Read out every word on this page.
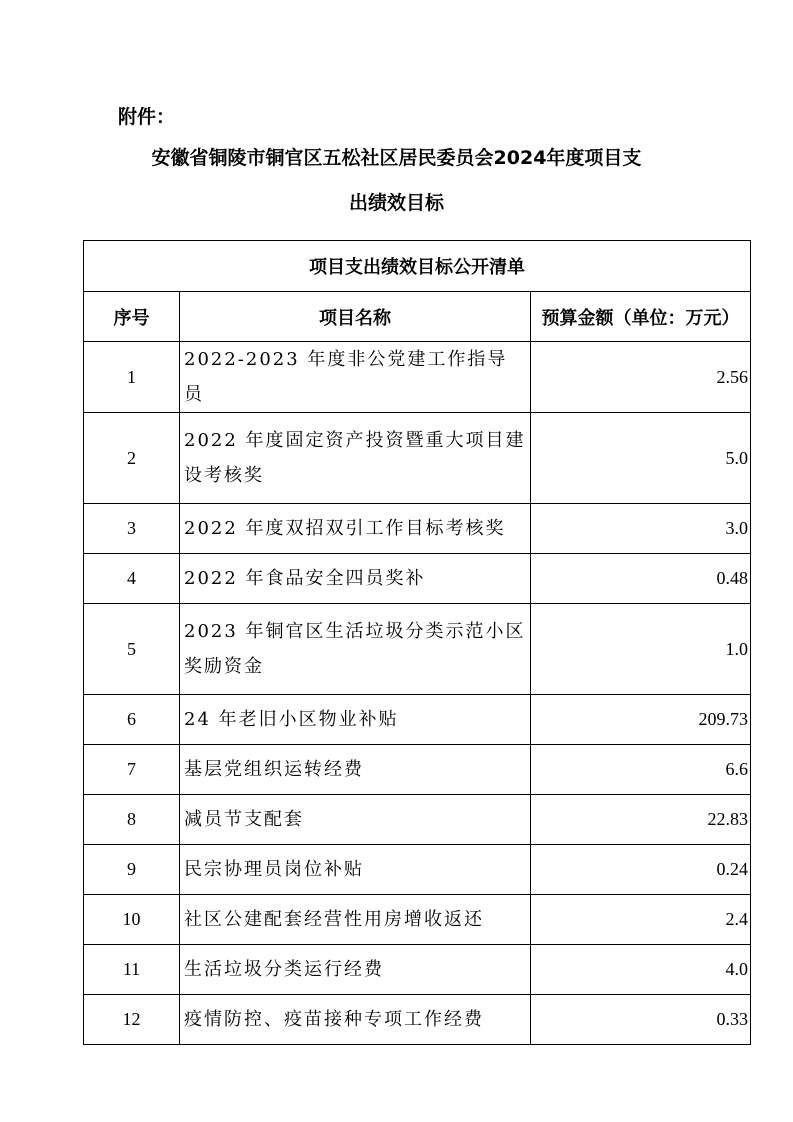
附件：
安徽省铜陵市铜官区五松社区居民委员会2024年度项目支
出绩效目标
项目支出绩效目标公开清单		
序号	项目名称	预算金额（单位：万元）
1	2022-2023 年度非公党建工作指导员	2.56
2	2022 年度固定资产投资暨重大项目建设考核奖	5.0
3	2022 年度双招双引工作目标考核奖	3.0
4	2022 年食品安全四员奖补	0.48
5	2023 年铜官区生活垃圾分类示范小区奖励资金	1.0
6	24 年老旧小区物业补贴	209.73
7	基层党组织运转经费	6.6
8	减员节支配套	22.83
9	民宗协理员岗位补贴	0.24
10	社区公建配套经营性用房增收返还	2.4
11	生活垃圾分类运行经费	4.0
12	疫情防控、疫苗接种专项工作经费	0.33
